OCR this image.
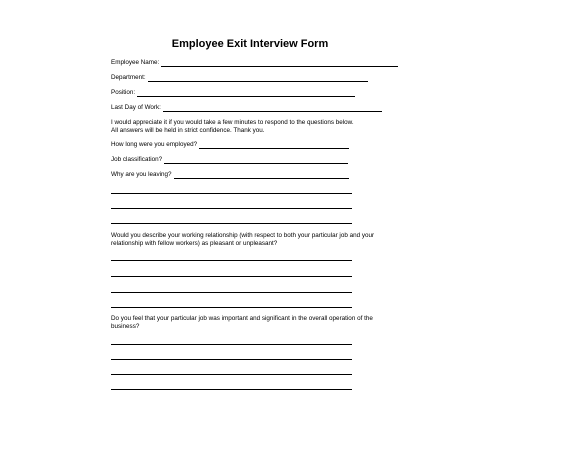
Employee Exit Interview Form
Employee Name:
Department:
Position:
Last Day of Work:
I would appreciate it if you would take a few minutes to respond to the questions below.
All answers will be held in strict confidence. Thank you.
How long were you employed?
Job classification?
Why are you leaving?
Would you describe your working relationship (with respect to both your particular job and your
relationship with fellow workers) as pleasant or unpleasant?
Do you feel that your particular job was important and significant in the overall operation of the
business?
